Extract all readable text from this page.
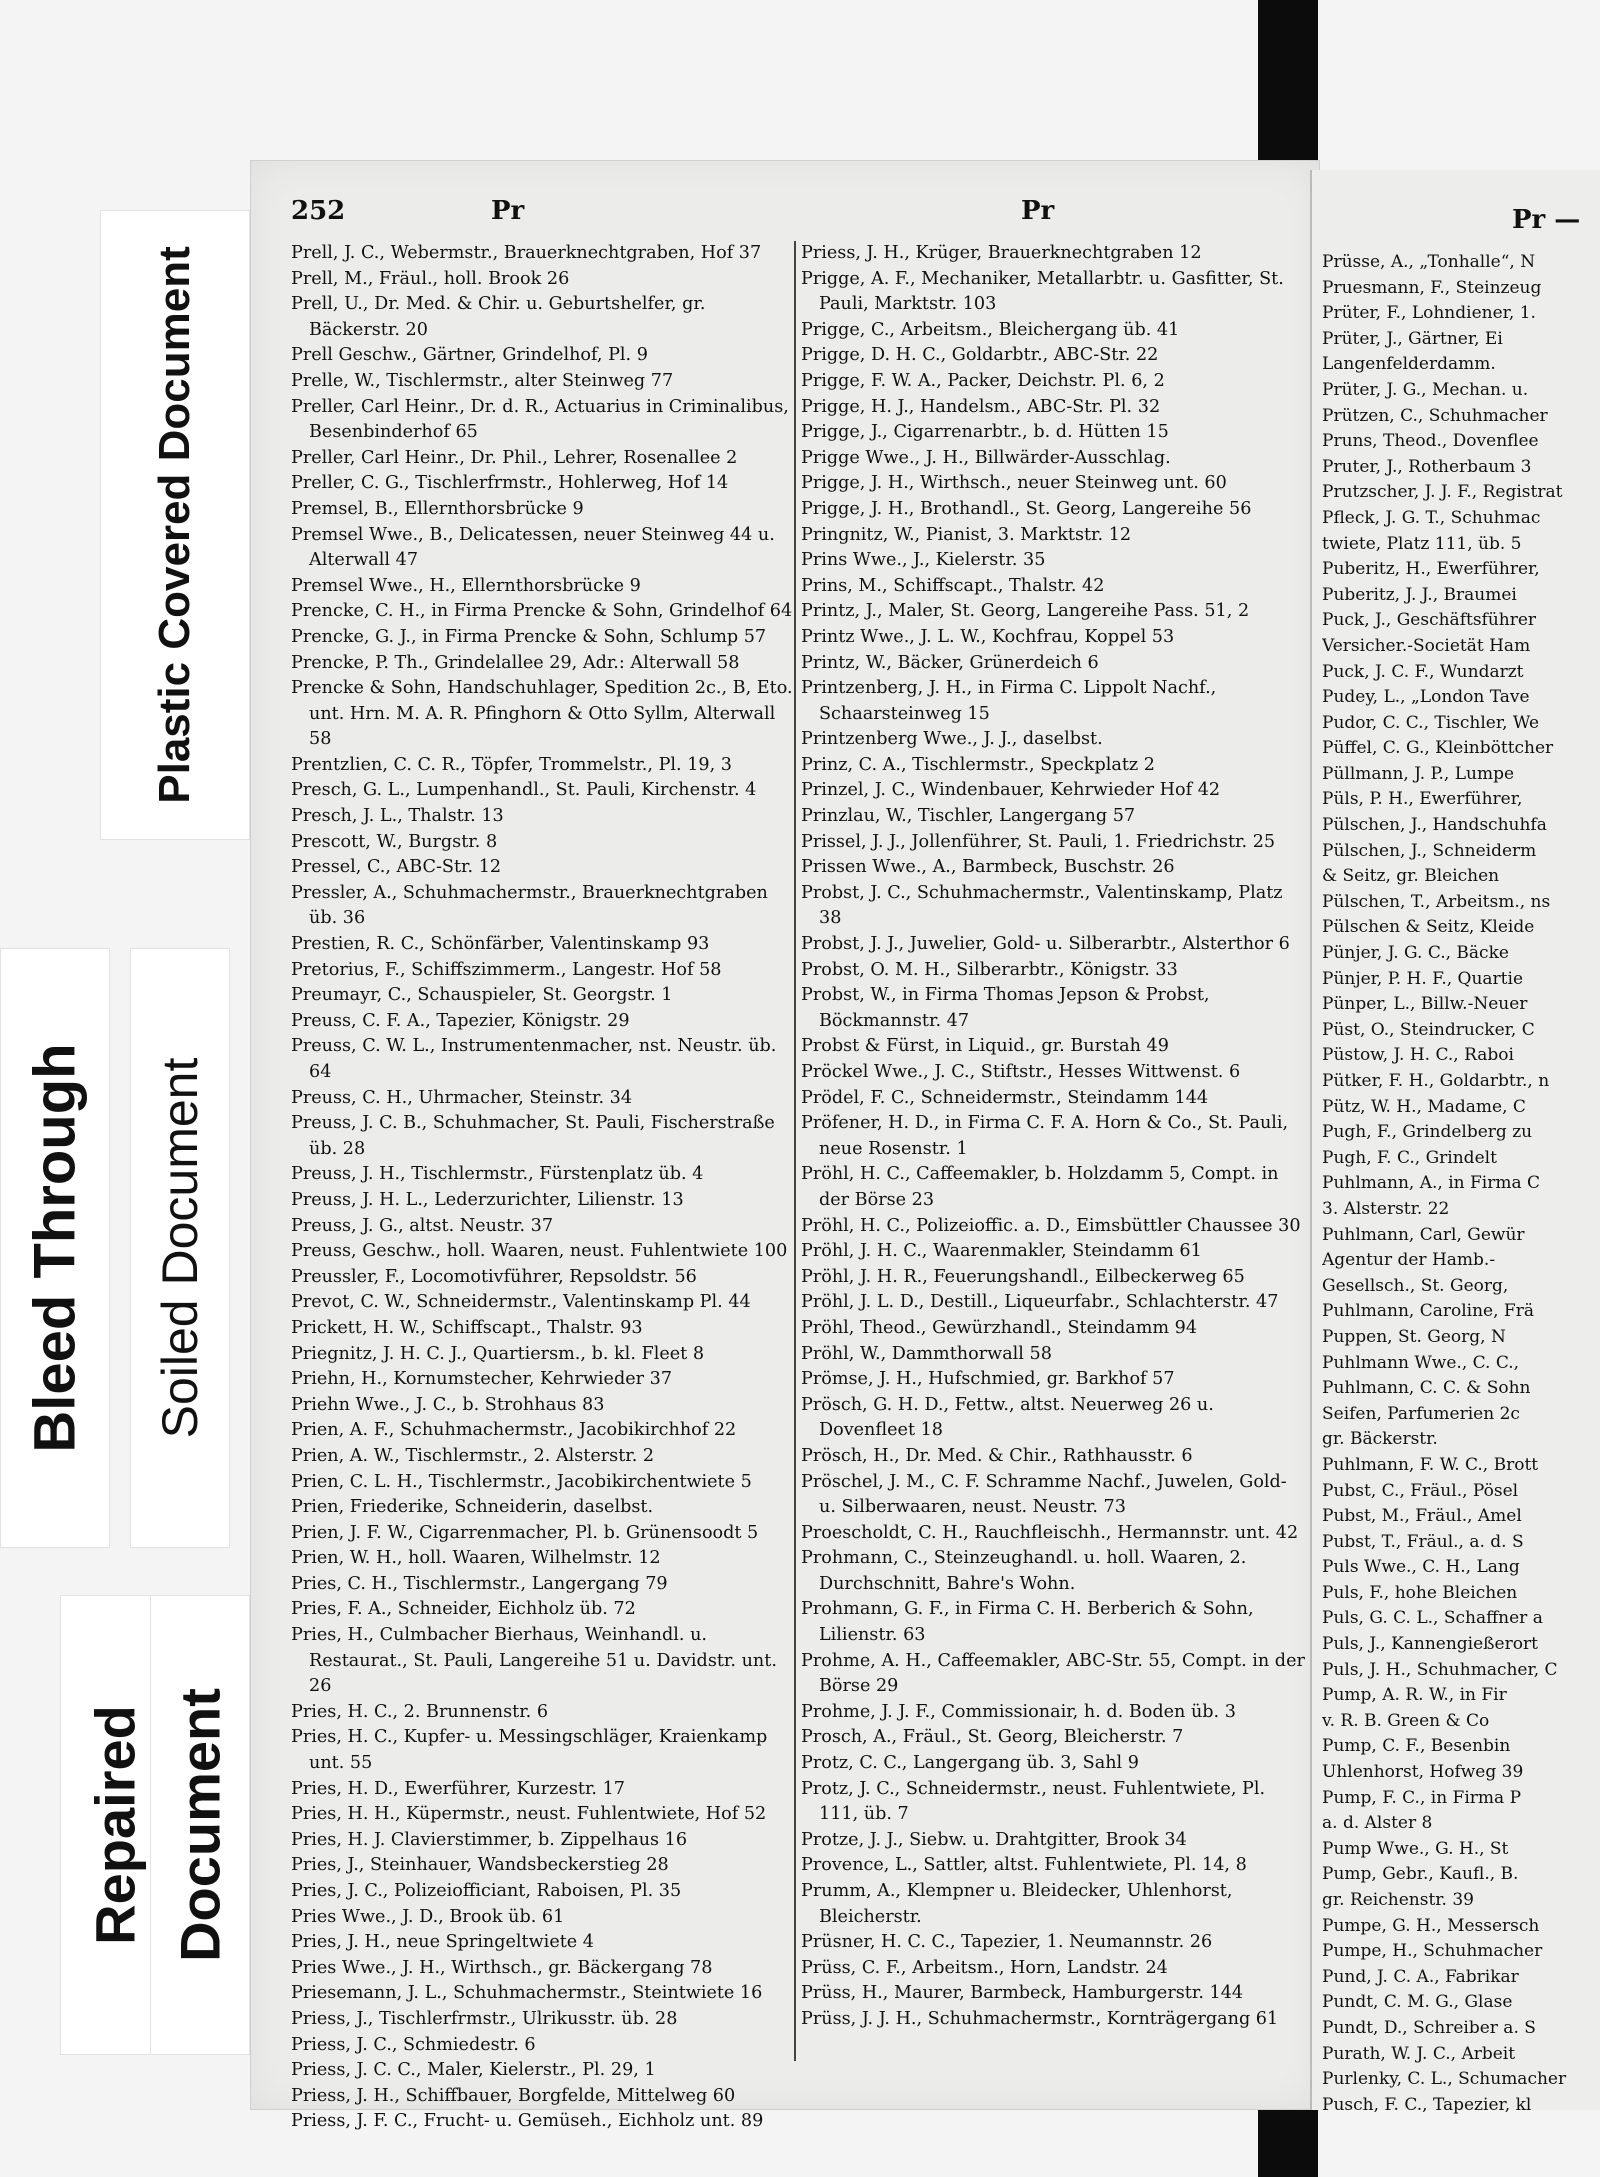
Plastic Covered Document
Bleed Through Soiled Document
Repaired Document
252	Pr	Pr
Prell, J. C., Webermstr., Brauerknechtgraben, Hof 37
Prell, M., Fräul., holl. Brook 26
Prell, U., Dr. Med. & Chir. u. Geburtshelfer, gr. Bäckerstr. 20
Prell Geschw., Gärtner, Grindelhof, Pl. 9
Prelle, W., Tischlermstr., alter Steinweg 77
Preller, Carl Heinr., Dr. d. R., Actuarius in Criminalibus, Besenbinderhof 65
Preller, Carl Heinr., Dr. Phil., Lehrer, Rosenallee 2
Preller, C. G., Tischlerfrmstr., Hohlerweg, Hof 14
Premsel, B., Ellernthorsbrücke 9
Premsel Wwe., B., Delicatessen, neuer Steinweg 44 u. Alterwall 47
Premsel Wwe., H., Ellernthorsbrücke 9
Prencke, C. H., in Firma Prencke & Sohn, Grindelhof 64
Prencke, G. J., in Firma Prencke & Sohn, Schlump 57
Prencke, P. Th., Grindelallee 29, Adr.: Alterwall 58
Prencke & Sohn, Handschuhlager, Spedition 2c., B, Eto. unt. Hrn. M. A. R. Pfinghorn & Otto Syllm, Alterwall 58
Prentzlien, C. C. R., Töpfer, Trommelstr., Pl. 19, 3
Presch, G. L., Lumpenhandl., St. Pauli, Kirchenstr. 4
Presch, J. L., Thalstr. 13
Prescott, W., Burgstr. 8
Pressel, C., ABC-Str. 12
Pressler, A., Schuhmachermstr., Brauerknechtgraben üb. 36
Prestien, R. C., Schönfärber, Valentinskamp 93
Pretorius, F., Schiffszimmerm., Langestr. Hof 58
Preumayr, C., Schauspieler, St. Georgstr. 1
Preuss, C. F. A., Tapezier, Königstr. 29
Preuss, C. W. L., Instrumentenmacher, nst. Neustr. üb. 64
Preuss, C. H., Uhrmacher, Steinstr. 34
Preuss, J. C. B., Schuhmacher, St. Pauli, Fischerstraße üb. 28
Preuss, J. H., Tischlermstr., Fürstenplatz üb. 4
Preuss, J. H. L., Lederzurichter, Lilienstr. 13
Preuss, J. G., altst. Neustr. 37
Preuss, Geschw., holl. Waaren, neust. Fuhlentwiete 100
Preussler, F., Locomotivführer, Repsoldstr. 56
Prevot, C. W., Schneidermstr., Valentinskamp Pl. 44
Prickett, H. W., Schiffscapt., Thalstr. 93
Priegnitz, J. H. C. J., Quartiersm., b. kl. Fleet 8
Priehn, H., Kornumstecher, Kehrwieder 37
Priehn Wwe., J. C., b. Strohhaus 83
Prien, A. F., Schuhmachermstr., Jacobikirchhof 22
Prien, A. W., Tischlermstr., 2. Alsterstr. 2
Prien, C. L. H., Tischlermstr., Jacobikirchentwiete 5
Prien, Friederike, Schneiderin, daselbst.
Prien, J. F. W., Cigarrenmacher, Pl. b. Grünensoodt 5
Prien, W. H., holl. Waaren, Wilhelmstr. 12
Pries, C. H., Tischlermstr., Langergang 79
Pries, F. A., Schneider, Eichholz üb. 72
Pries, H., Culmbacher Bierhaus, Weinhandl. u. Restaurat., St. Pauli, Langereihe 51 u. Davidstr. unt. 26
Pries, H. C., 2. Brunnenstr. 6
Pries, H. C., Kupfer- u. Messingschläger, Kraienkamp unt. 55
Pries, H. D., Ewerführer, Kurzestr. 17
Pries, H. H., Küpermstr., neust. Fuhlentwiete, Hof 52
Pries, H. J. Clavierstimmer, b. Zippelhaus 16
Pries, J., Steinhauer, Wandsbeckerstieg 28
Pries, J. C., Polizeiofficiant, Raboisen, Pl. 35
Pries Wwe., J. D., Brook üb. 61
Pries, J. H., neue Springeltwiete 4
Pries Wwe., J. H., Wirthsch., gr. Bäckergang 78
Priesemann, J. L., Schuhmachermstr., Steintwiete 16
Priess, J., Tischlerfrmstr., Ulrikusstr. üb. 28
Priess, J. C., Schmiedestr. 6
Priess, J. C. C., Maler, Kielerstr., Pl. 29, 1
Priess, J. H., Schiffbauer, Borgfelde, Mittelweg 60
Priess, J. F. C., Frucht- u. Gemüseh., Eichholz unt. 89
Priess, J. H., Krüger, Brauerknechtgraben 12
Prigge, A. F., Mechaniker, Metallarbtr. u. Gasfitter, St. Pauli, Marktstr. 103
Prigge, C., Arbeitsm., Bleichergang üb. 41
Prigge, D. H. C., Goldarbtr., ABC-Str. 22
Prigge, F. W. A., Packer, Deichstr. Pl. 6, 2
Prigge, H. J., Handelsm., ABC-Str. Pl. 32
Prigge, J., Cigarrenarbtr., b. d. Hütten 15
Prigge Wwe., J. H., Billwärder-Ausschlag.
Prigge, J. H., Wirthsch., neuer Steinweg unt. 60
Prigge, J. H., Brothandl., St. Georg, Langereihe 56
Pringnitz, W., Pianist, 3. Marktstr. 12
Prins Wwe., J., Kielerstr. 35
Prins, M., Schiffscapt., Thalstr. 42
Printz, J., Maler, St. Georg, Langereihe Pass. 51, 2
Printz Wwe., J. L. W., Kochfrau, Koppel 53
Printz, W., Bäcker, Grünerdeich 6
Printzenberg, J. H., in Firma C. Lippolt Nachf., Schaarsteinweg 15
Printzenberg Wwe., J. J., daselbst.
Prinz, C. A., Tischlermstr., Speckplatz 2
Prinzel, J. C., Windenbauer, Kehrwieder Hof 42
Prinzlau, W., Tischler, Langergang 57
Prissel, J. J., Jollenführer, St. Pauli, 1. Friedrichstr. 25
Prissen Wwe., A., Barmbeck, Buschstr. 26
Probst, J. C., Schuhmachermstr., Valentinskamp, Platz 38
Probst, J. J., Juwelier, Gold- u. Silberarbtr., Alsterthor 6
Probst, O. M. H., Silberarbtr., Königstr. 33
Probst, W., in Firma Thomas Jepson & Probst, Böckmannstr. 47
Probst & Fürst, in Liquid., gr. Burstah 49
Pröckel Wwe., J. C., Stiftstr., Hesses Wittwenst. 6
Prödel, F. C., Schneidermstr., Steindamm 144
Pröfener, H. D., in Firma C. F. A. Horn & Co., St. Pauli, neue Rosenstr. 1
Pröhl, H. C., Caffeemakler, b. Holzdamm 5, Compt. in der Börse 23
Pröhl, H. C., Polizeioffic. a. D., Eimsbüttler Chaussee 30
Pröhl, J. H. C., Waarenmakler, Steindamm 61
Pröhl, J. H. R., Feuerungshandl., Eilbeckerweg 65
Pröhl, J. L. D., Destill., Liqueurfabr., Schlachterstr. 47
Pröhl, Theod., Gewürzhandl., Steindamm 94
Pröhl, W., Dammthorwall 58
Prömse, J. H., Hufschmied, gr. Barkhof 57
Prösch, G. H. D., Fettw., altst. Neuerweg 26 u. Dovenfleet 18
Prösch, H., Dr. Med. & Chir., Rathhausstr. 6
Pröschel, J. M., C. F. Schramme Nachf., Juwelen, Gold- u. Silberwaaren, neust. Neustr. 73
Proescholdt, C. H., Rauchfleischh., Hermannstr. unt. 42
Prohmann, C., Steinzeughandl. u. holl. Waaren, 2. Durchschnitt, Bahre's Wohn.
Prohmann, G. F., in Firma C. H. Berberich & Sohn, Lilienstr. 63
Prohme, A. H., Caffeemakler, ABC-Str. 55, Compt. in der Börse 29
Prohme, J. J. F., Commissionair, h. d. Boden üb. 3
Prosch, A., Fräul., St. Georg, Bleicherstr. 7
Protz, C. C., Langergang üb. 3, Sahl 9
Protz, J. C., Schneidermstr., neust. Fuhlentwiete, Pl. 111, üb. 7
Protze, J. J., Siebw. u. Drahtgitter, Brook 34
Provence, L., Sattler, altst. Fuhlentwiete, Pl. 14, 8
Prumm, A., Klempner u. Bleidecker, Uhlenhorst, Bleicherstr.
Prüsner, H. C. C., Tapezier, 1. Neumannstr. 26
Prüss, C. F., Arbeitsm., Horn, Landstr. 24
Prüss, H., Maurer, Barmbeck, Hamburgerstr. 144
Prüss, J. J. H., Schuhmachermstr., Kornträgergang 61
Pr —
Prüsse, A., „Tonhalle“, N
Pruesmann, F., Steinzeug
Prüter, F., Lohndiener, 1.
Prüter, J., Gärtner, Ei
Langenfelderdamm.
Prüter, J. G., Mechan. u.
Prützen, C., Schuhmacher
Pruns, Theod., Dovenflee
Pruter, J., Rotherbaum 3
Prutzscher, J. J. F., Registrat
Pfleck, J. G. T., Schuhmac
twiete, Platz 111, üb. 5
Puberitz, H., Ewerführer,
Puberitz, J. J., Braumei
Puck, J., Geschäftsführer
Versicher.-Societät Ham
Puck, J. C. F., Wundarzt
Pudey, L., „London Tave
Pudor, C. C., Tischler, We
Püffel, C. G., Kleinböttcher
Püllmann, J. P., Lumpe
Püls, P. H., Ewerführer,
Pülschen, J., Handschuhfa
Pülschen, J., Schneiderm
& Seitz, gr. Bleichen
Pülschen, T., Arbeitsm., ns
Pülschen & Seitz, Kleide
Pünjer, J. G. C., Bäcke
Pünjer, P. H. F., Quartie
Pünper, L., Billw.-Neuer
Püst, O., Steindrucker, C
Püstow, J. H. C., Raboi
Pütker, F. H., Goldarbtr., n
Pütz, W. H., Madame, C
Pugh, F., Grindelberg zu
Pugh, F. C., Grindelt
Puhlmann, A., in Firma C
3. Alsterstr. 22
Puhlmann, Carl, Gewür
Agentur der Hamb.-
Gesellsch., St. Georg,
Puhlmann, Caroline, Frä
Puppen, St. Georg, N
Puhlmann Wwe., C. C.,
Puhlmann, C. C. & Sohn
Seifen, Parfumerien 2c
gr. Bäckerstr.
Puhlmann, F. W. C., Brott
Pubst, C., Fräul., Pösel
Pubst, M., Fräul., Amel
Pubst, T., Fräul., a. d. S
Puls Wwe., C. H., Lang
Puls, F., hohe Bleichen
Puls, G. C. L., Schaffner a
Puls, J., Kannengießerort
Puls, J. H., Schuhmacher, C
Pump, A. R. W., in Fir
v. R. B. Green & Co
Pump, C. F., Besenbin
Uhlenhorst, Hofweg 39
Pump, F. C., in Firma P
a. d. Alster 8
Pump Wwe., G. H., St
Pump, Gebr., Kaufl., B.
gr. Reichenstr. 39
Pumpe, G. H., Messersch
Pumpe, H., Schuhmacher
Pund, J. C. A., Fabrikar
Pundt, C. M. G., Glase
Pundt, D., Schreiber a. S
Purath, W. J. C., Arbeit
Purlenky, C. L., Schumacher
Pusch, F. C., Tapezier, kl
